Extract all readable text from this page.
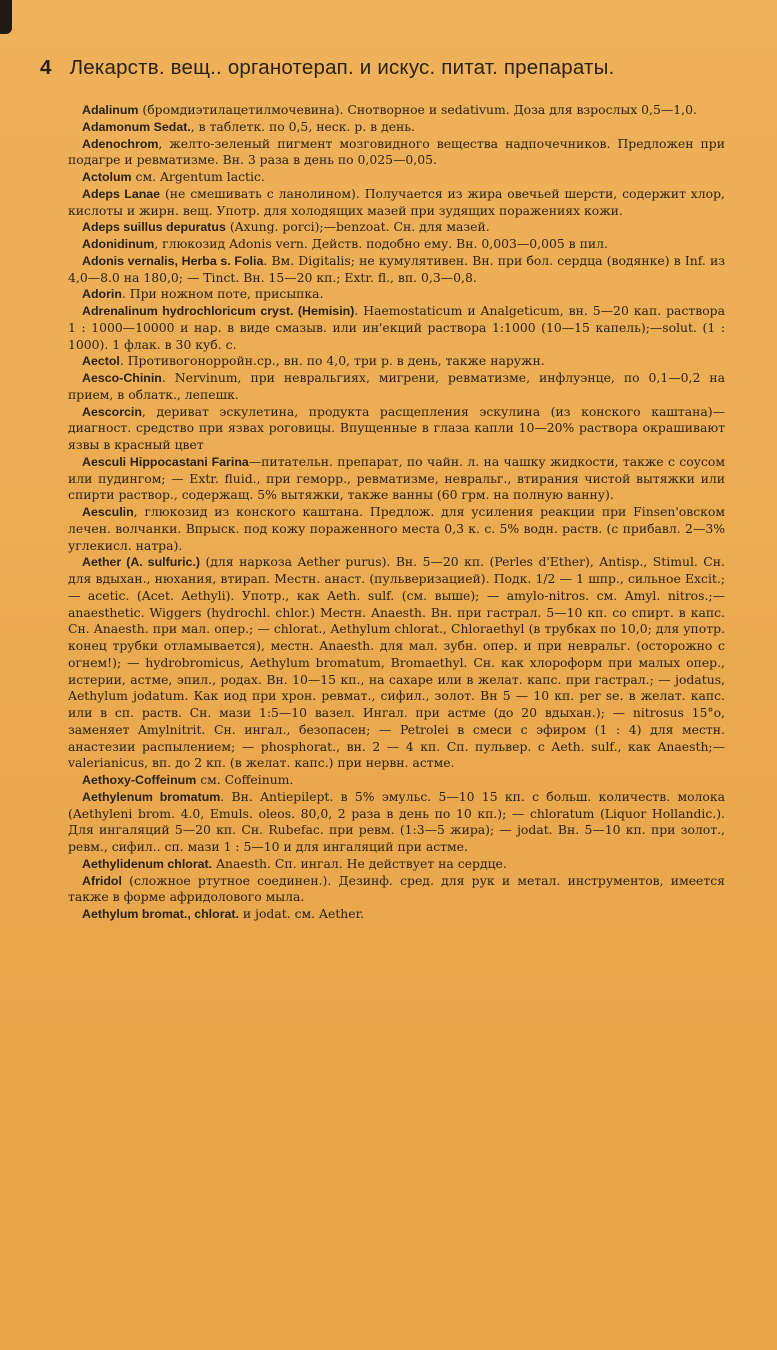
4 Лекарств. вещ.. органотерап. и искус. питат. препараты.

Adalinum (бромдиэтилацетилмочевина). Снотворное и sedativum. Доза для взрослых 0,5—1,0.

Adamonum Sedat., в таблетк. по 0,5, неск. р. в день.

Adenochrom, желто-зеленый пигмент мозговидного вещества надпочечников. Предложен при подагре и ревматизме. Вн. 3 раза в день по 0,025—0,05.

Actolum см. Argentum lactic.

Adeps Lanae (не смешивать с ланолином). Получается из жира овечьей шерсти, содержит хлор, кислоты и жирн. вещ. Употр. для холодящих мазей при зудящих поражениях кожи.

Adeps suillus depuratus (Axung. porci);—benzoat. Сн. для мазей.

Adonidinum, глюкозид Adonis vern. Действ. подобно ему. Вн. 0,003—0,005 в пил.

Adonis vernalis, Herba s. Folia. Вм. Digitalis; не кумулятивен. Вн. при бол. сердца (водянке) в Inf. из 4,0—8.0 на 180,0; — Tinct. Вн. 15—20 кп.; Extr. fl., вп. 0,3—0,8.

Adorin. При ножном поте, присыпка.

Adrenalinum hydrochloricum cryst. (Hemisin). Haemostaticum и Analgeticum, вн. 5—20 кап. раствора 1 : 1000—10000 и нар. в виде смазыв. или ин'екций раствора 1:1000 (10—15 капель);—solut. (1 : 1000). 1 флак. в 30 куб. с.

Aectol. Противогонорройн.ср., вн. по 4,0, три р. в день, также наружн.

Aesco-Chinin. Nervinum, при невральгиях, мигрени, ревматизме, инфлуэнце, по 0,1—0,2 на прием, в облатк., лепешк.

Aescorcin, дериват эскулетина, продукта расщепления эскулина (из конского каштана)—диагност. средство при язвах роговицы. Впущенные в глаза капли 10—20% раствора окрашивают язвы в красный цвет

Aesculi Hippocastani Farina—питательн. препарат, по чайн. л. на чашку жидкости, также с соусом или пудингом; — Extr. fluid., при геморр., ревматизме, невральг., втирания чистой вытяжки или спирти раствор., содержащ. 5% вытяжки, также ванны (60 грм. на полную ванну).

Aesculin, глюкозид из конского каштана. Предлож. для усиления реакции при Finsen'овском лечен. волчанки. Впрыск. под кожу пораженного места 0,3 к. с. 5% водн. раств. (с прибавл. 2—3% углекисл. натра).

Aether (A. sulfuric.) (для наркоза Aether purus). Вн. 5—20 кп. (Perles d'Ether), Antisp., Stimul. Сн. для вдыхан., нюхания, втирап. Местн. анаст. (пульверизацией). Подк. 1/2 — 1 шпр., сильное Excit.;— acetic. (Acet. Aethyli). Употр., как Aeth. sulf. (см. выше); — amylo-nitros. см. Amyl. nitros.;—anaesthetic. Wiggers (hydrochl. chlor.) Местн. Anaesth. Вн. при гастрал. 5—10 кп. со спирт. в капс. Сн. Anaesth. при мал. опер.; — chlorat., Aethylum chlorat., Chloraethyl (в трубках по 10,0; для употр. конец трубки отламывается), местн. Anaesth. для мал. зубн. опер. и при невральг. (осторожно с огнем!); — hydrobromicus, Aethylum bromatum, Bromaethyl. Сн. как хлороформ при малых опер., истерии, астме, эпил., родах. Вн. 10—15 кп., на сахаре или в желат. капс. при гастрал.; — jodatus, Aethylum jodatum. Как иод при хрон. ревмат., сифил., золот. Вн 5 — 10 кп. per se. в желат. капс. или в сп. раств. Сн. мази 1:5—10 вазел. Ингал. при астме (до 20 вдыхан.); — nitrosus 15°o, заменяет Amylnitrit. Сн. ингал., безопасен; — Petrolei в смеси с эфиром (1 : 4) для местн. анастезии распылением; — phosphorat., вн. 2 — 4 кп. Сп. пульвер. с Aeth. sulf., как Anaesth;—valerianicus, вп. до 2 кп. (в желат. капс.) при нервн. астме.

Aethoxy-Coffeinum см. Coffeinum.

Aethylenum bromatum. Вн. Antiepilept. в 5% эмульс. 5—10 15 кп. с больш. количеств. молока (Aethyleni brom. 4.0, Emuls. oleos. 80,0, 2 раза в день по 10 кп.); — chloratum (Liquor Hollandic.). Для ингаляций 5—20 кп. Сн. Rubefac. при ревм. (1:3—5 жира); — jodat. Вн. 5—10 кп. при золот., ревм., сифил.. сп. мази 1 : 5—10 и для ингаляций при астме.

Aethylidenum chlorat. Anaesth. Сп. ингал. Не действует на сердце.

Afridol (сложное ртутное соединен.). Дезинф. сред. для рук и метал. инструментов, имеется также в форме афридолового мыла.

Aethylum bromat., chlorat. и jodat. см. Aether.
